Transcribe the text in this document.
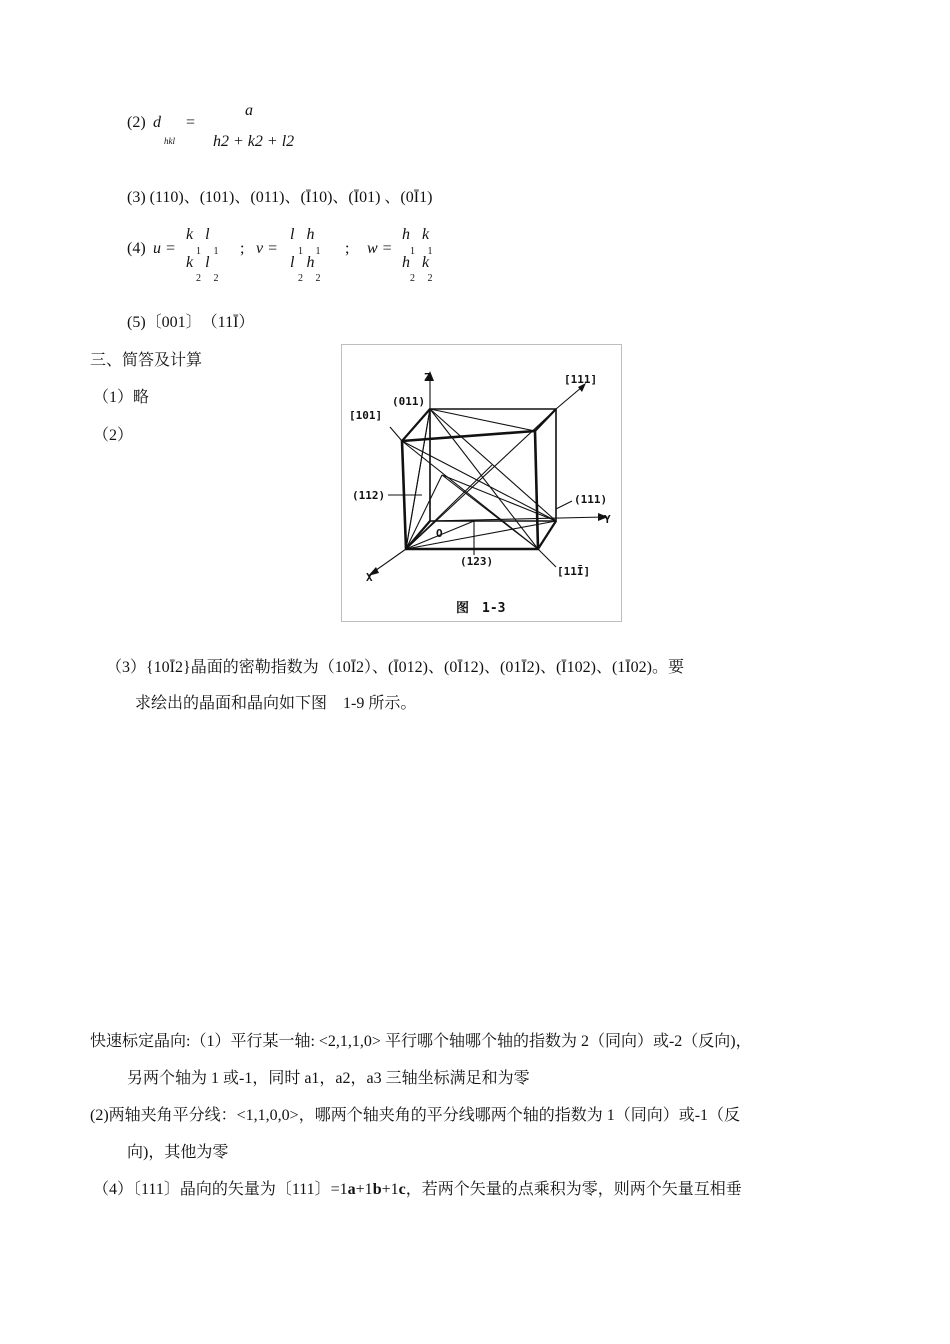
(2) d
hkl
=
a
h2 + k2 + l2
(3) (110)、(101)、(011)、(Ī10)、(Ī01) 、(0Ī1)
(4) u =
k   l
1     1
k   l
2     2
; v =
l   h
1     1
l   h
2     2
; w =
h   k
1     1
h   k
2     2
(5)〔001〕　（11Ī）
三、简答及计算
（1）略
（2）
Z
Y
X
O
[111]
[101]
(011)
(112)	(111)
(123)
[11Ī]
图　1-3
（3）{10Ī2}晶面的密勒指数为（10Ī2）、(Ī012)、(0Ī12)、(01Ī2)、(Ī102)、(1Ī02)。要
求绘出的晶面和晶向如下图　1-9 所示。
快速标定晶向:（1）平行某一轴: <2,1,1,0> 平行哪个轴哪个轴的指数为 2（同向）或-2（反向)，
另两个轴为 1 或-1，同时 a1，a2，a3 三轴坐标满足和为零
(2)两轴夹角平分线：<1,1,0,0>，哪两个轴夹角的平分线哪两个轴的指数为 1（同向）或-1（反
向)，其他为零
（4）〔111〕晶向的矢量为〔111〕=1a+1b+1c，若两个矢量的点乘积为零，则两个矢量互相垂
